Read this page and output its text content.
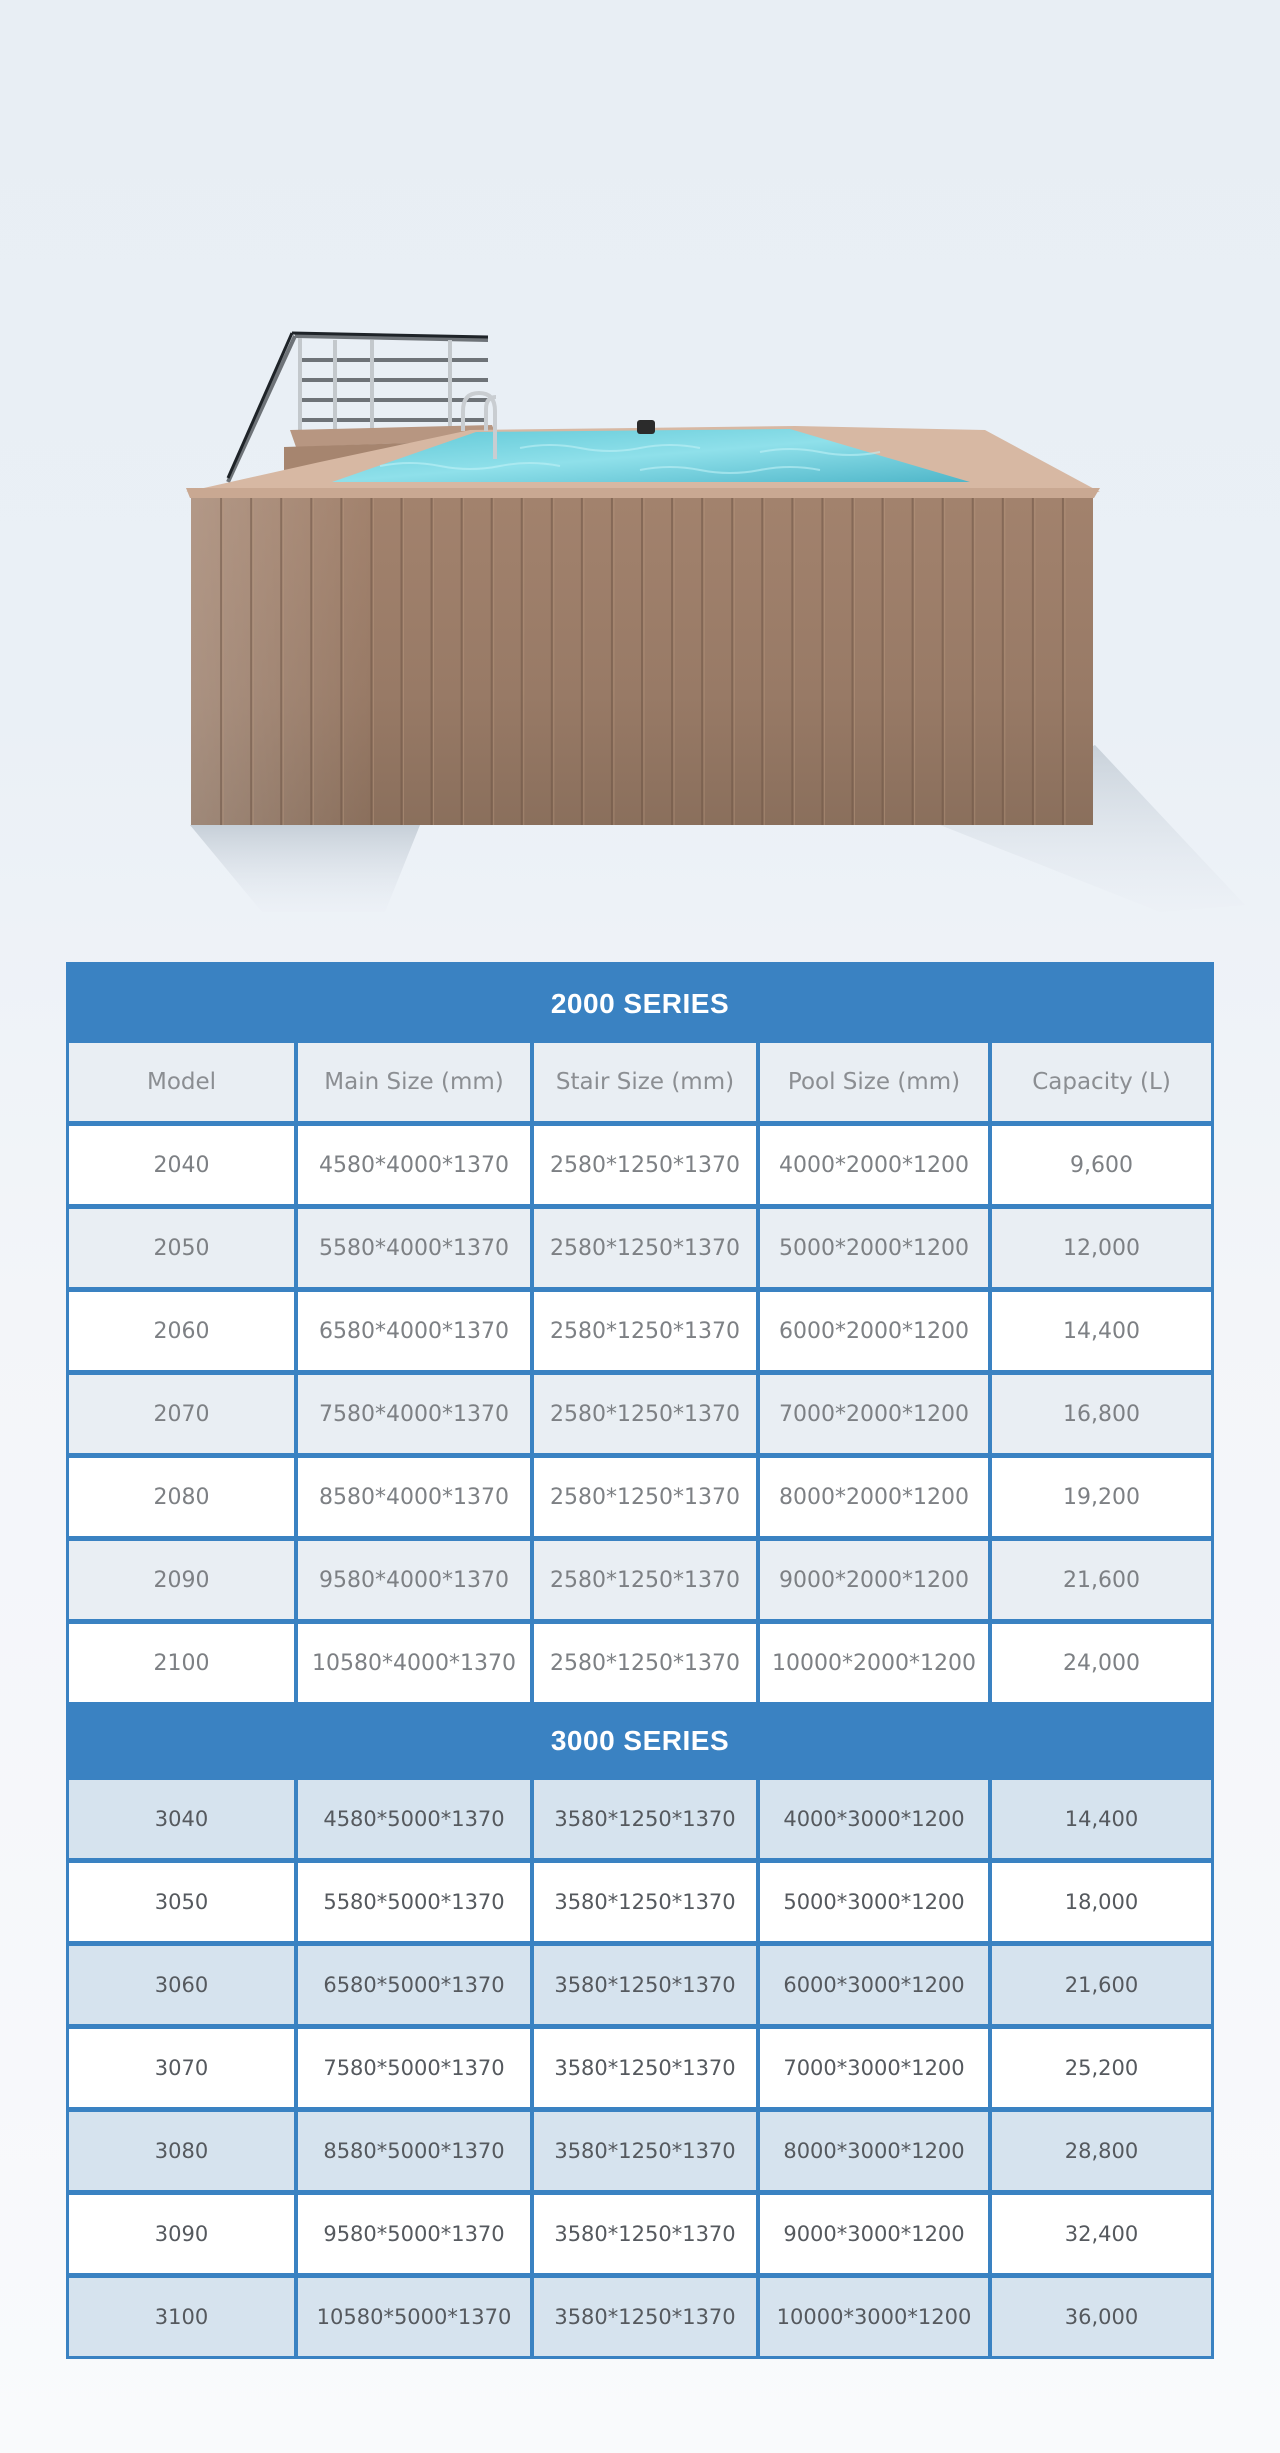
2000 SERIES
Model	Main Size (mm)	Stair Size (mm)	Pool Size (mm)	Capacity (L)
2040	4580*4000*1370	2580*1250*1370	4000*2000*1200	9,600
2050	5580*4000*1370	2580*1250*1370	5000*2000*1200	12,000
2060	6580*4000*1370	2580*1250*1370	6000*2000*1200	14,400
2070	7580*4000*1370	2580*1250*1370	7000*2000*1200	16,800
2080	8580*4000*1370	2580*1250*1370	8000*2000*1200	19,200
2090	9580*4000*1370	2580*1250*1370	9000*2000*1200	21,600
2100	10580*4000*1370	2580*1250*1370	10000*2000*1200	24,000
3000 SERIES
3040	4580*5000*1370	3580*1250*1370	4000*3000*1200	14,400
3050	5580*5000*1370	3580*1250*1370	5000*3000*1200	18,000
3060	6580*5000*1370	3580*1250*1370	6000*3000*1200	21,600
3070	7580*5000*1370	3580*1250*1370	7000*3000*1200	25,200
3080	8580*5000*1370	3580*1250*1370	8000*3000*1200	28,800
3090	9580*5000*1370	3580*1250*1370	9000*3000*1200	32,400
3100	10580*5000*1370	3580*1250*1370	10000*3000*1200	36,000
